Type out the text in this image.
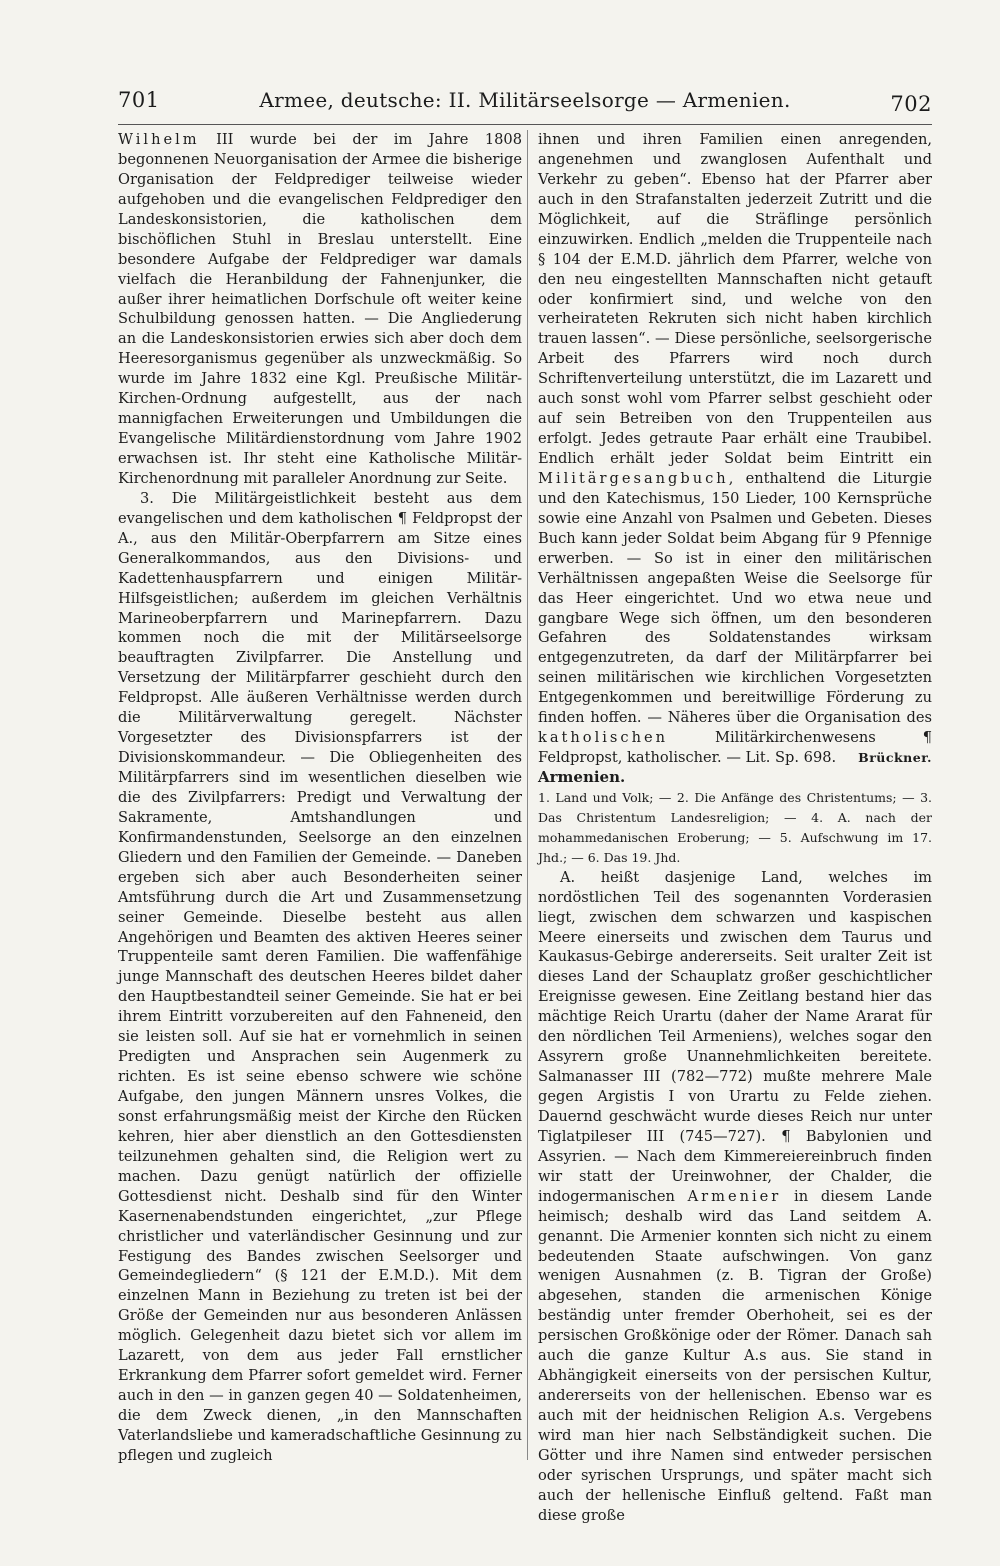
701	Armee, deutsche: II. Militärseelsorge — Armenien.	702

Wilhelm III wurde bei der im Jahre 1808 begonnenen Neuorganisation der Armee die bisherige Organisation der Feldprediger teilweise wieder aufgehoben und die evangelischen Feldprediger den Landeskonsistorien, die katholischen dem bischöflichen Stuhl in Breslau unterstellt. Eine besondere Aufgabe der Feldprediger war damals vielfach die Heranbildung der Fahnenjunker, die außer ihrer heimatlichen Dorfschule oft weiter keine Schulbildung genossen hatten. — Die Angliederung an die Landeskonsistorien erwies sich aber doch dem Heeresorganismus gegenüber als unzweckmäßig. So wurde im Jahre 1832 eine Kgl. Preußische Militär-Kirchen-Ordnung aufgestellt, aus der nach mannigfachen Erweiterungen und Umbildungen die Evangelische Militärdienstordnung vom Jahre 1902 erwachsen ist. Ihr steht eine Katholische Militär-Kirchenordnung mit paralleler Anordnung zur Seite.

3. Die Militärgeistlichkeit besteht aus dem evangelischen und dem katholischen ¶ Feldpropst der A., aus den Militär-Oberpfarrern am Sitze eines Generalkommandos, aus den Divisions- und Kadettenhauspfarrern und einigen Militär-Hilfsgeistlichen; außerdem im gleichen Verhältnis Marineoberpfarrern und Marinepfarrern. Dazu kommen noch die mit der Militärseelsorge beauftragten Zivilpfarrer. Die Anstellung und Versetzung der Militärpfarrer geschieht durch den Feldpropst. Alle äußeren Verhältnisse werden durch die Militärverwaltung geregelt. Nächster Vorgesetzter des Divisionspfarrers ist der Divisionskommandeur. — Die Obliegenheiten des Militärpfarrers sind im wesentlichen dieselben wie die des Zivilpfarrers: Predigt und Verwaltung der Sakramente, Amtshandlungen und Konfirmandenstunden, Seelsorge an den einzelnen Gliedern und den Familien der Gemeinde. — Daneben ergeben sich aber auch Besonderheiten seiner Amtsführung durch die Art und Zusammensetzung seiner Gemeinde. Dieselbe besteht aus allen Angehörigen und Beamten des aktiven Heeres seiner Truppenteile samt deren Familien. Die waffenfähige junge Mannschaft des deutschen Heeres bildet daher den Hauptbestandteil seiner Gemeinde. Sie hat er bei ihrem Eintritt vorzubereiten auf den Fahneneid, den sie leisten soll. Auf sie hat er vornehmlich in seinen Predigten und Ansprachen sein Augenmerk zu richten. Es ist seine ebenso schwere wie schöne Aufgabe, den jungen Männern unsres Volkes, die sonst erfahrungsmäßig meist der Kirche den Rücken kehren, hier aber dienstlich an den Gottesdiensten teilzunehmen gehalten sind, die Religion wert zu machen. Dazu genügt natürlich der offizielle Gottesdienst nicht. Deshalb sind für den Winter Kasernenabendstunden eingerichtet, „zur Pflege christlicher und vaterländischer Gesinnung und zur Festigung des Bandes zwischen Seelsorger und Gemeindegliedern“ (§ 121 der E.M.D.). Mit dem einzelnen Mann in Beziehung zu treten ist bei der Größe der Gemeinden nur aus besonderen Anlässen möglich. Gelegenheit dazu bietet sich vor allem im Lazarett, von dem aus jeder Fall ernstlicher Erkrankung dem Pfarrer sofort gemeldet wird. Ferner auch in den — in ganzen gegen 40 — Soldatenheimen, die dem Zweck dienen, „in den Mannschaften Vaterlandsliebe und kameradschaftliche Gesinnung zu pflegen und zugleich

ihnen und ihren Familien einen anregenden, angenehmen und zwanglosen Aufenthalt und Verkehr zu geben“. Ebenso hat der Pfarrer aber auch in den Strafanstalten jederzeit Zutritt und die Möglichkeit, auf die Sträflinge persönlich einzuwirken. Endlich „melden die Truppenteile nach § 104 der E.M.D. jährlich dem Pfarrer, welche von den neu eingestellten Mannschaften nicht getauft oder konfirmiert sind, und welche von den verheirateten Rekruten sich nicht haben kirchlich trauen lassen“. — Diese persönliche, seelsorgerische Arbeit des Pfarrers wird noch durch Schriftenverteilung unterstützt, die im Lazarett und auch sonst wohl vom Pfarrer selbst geschieht oder auf sein Betreiben von den Truppenteilen aus erfolgt. Jedes getraute Paar erhält eine Traubibel. Endlich erhält jeder Soldat beim Eintritt ein Militärgesangbuch, enthaltend die Liturgie und den Katechismus, 150 Lieder, 100 Kernsprüche sowie eine Anzahl von Psalmen und Gebeten. Dieses Buch kann jeder Soldat beim Abgang für 9 Pfennige erwerben. — So ist in einer den militärischen Verhältnissen angepaßten Weise die Seelsorge für das Heer eingerichtet. Und wo etwa neue und gangbare Wege sich öffnen, um den besonderen Gefahren des Soldatenstandes wirksam entgegenzutreten, da darf der Militärpfarrer bei seinen militärischen wie kirchlichen Vorgesetzten Entgegenkommen und bereitwillige Förderung zu finden hoffen. — Näheres über die Organisation des katholischen Militärkirchenwesens ¶ Feldpropst, katholischer. — Lit. Sp. 698. Brückner.

Armenien.

1. Land und Volk; — 2. Die Anfänge des Christentums; — 3. Das Christentum Landesreligion; — 4. A. nach der mohammedanischen Eroberung; — 5. Aufschwung im 17. Jhd.; — 6. Das 19. Jhd.

A. heißt dasjenige Land, welches im nordöstlichen Teil des sogenannten Vorderasien liegt, zwischen dem schwarzen und kaspischen Meere einerseits und zwischen dem Taurus und Kaukasus-Gebirge andererseits. Seit uralter Zeit ist dieses Land der Schauplatz großer geschichtlicher Ereignisse gewesen. Eine Zeitlang bestand hier das mächtige Reich Urartu (daher der Name Ararat für den nördlichen Teil Armeniens), welches sogar den Assyrern große Unannehmlichkeiten bereitete. Salmanasser III (782—772) mußte mehrere Male gegen Argistis I von Urartu zu Felde ziehen. Dauernd geschwächt wurde dieses Reich nur unter Tiglatpileser III (745—727). ¶ Babylonien und Assyrien. — Nach dem Kimmereiereinbruch finden wir statt der Ureinwohner, der Chalder, die indogermanischen Armenier in diesem Lande heimisch; deshalb wird das Land seitdem A. genannt. Die Armenier konnten sich nicht zu einem bedeutenden Staate aufschwingen. Von ganz wenigen Ausnahmen (z. B. Tigran der Große) abgesehen, standen die armenischen Könige beständig unter fremder Oberhoheit, sei es der persischen Großkönige oder der Römer. Danach sah auch die ganze Kultur A.s aus. Sie stand in Abhängigkeit einerseits von der persischen Kultur, andererseits von der hellenischen. Ebenso war es auch mit der heidnischen Religion A.s. Vergebens wird man hier nach Selbständigkeit suchen. Die Götter und ihre Namen sind entweder persischen oder syrischen Ursprungs, und später macht sich auch der hellenische Einfluß geltend. Faßt man diese große
